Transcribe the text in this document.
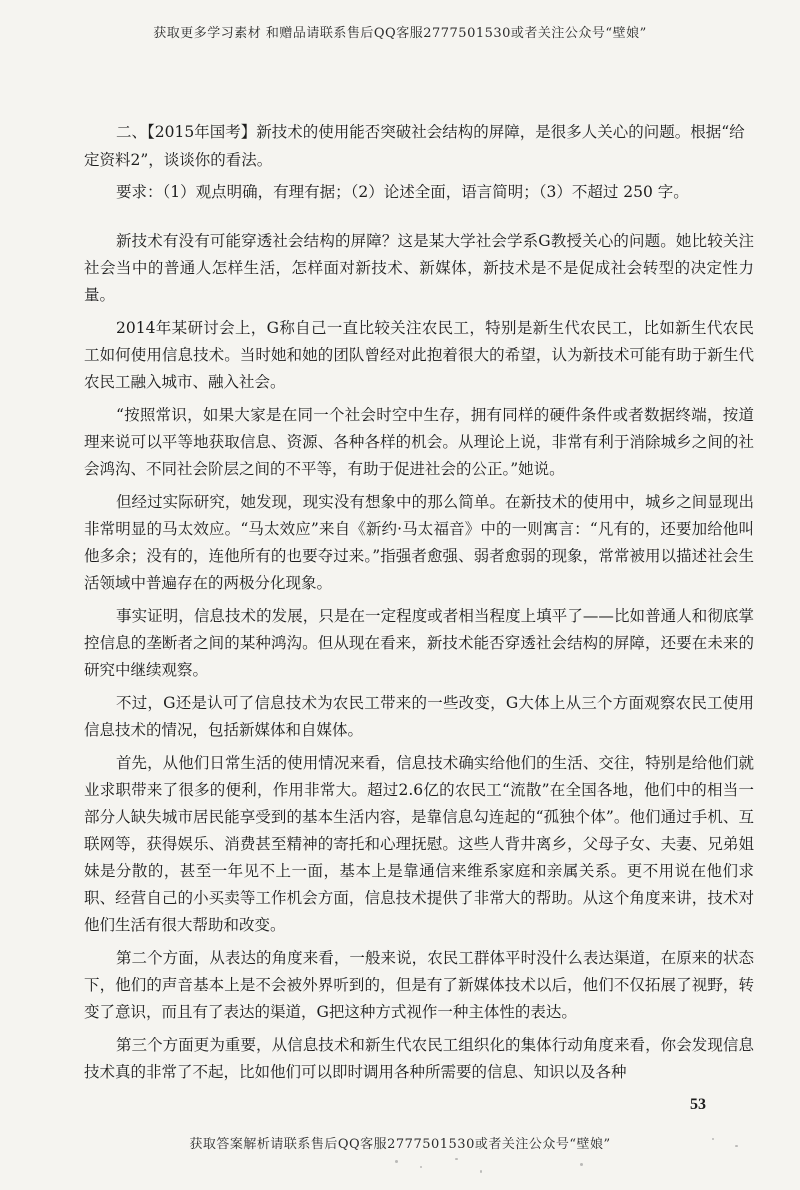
获取更多学习素材 和赠品请联系售后QQ客服2777501530或者关注公众号“壁娘”
二、【2015年国考】新技术的使用能否突破社会结构的屏障，是很多人关心的问题。根据“给定资料2”，谈谈你的看法。
要求：（1）观点明确，有理有据；（2）论述全面，语言简明；（3）不超过 250 字。

新技术有没有可能穿透社会结构的屏障？这是某大学社会学系G教授关心的问题。她比较关注社会当中的普通人怎样生活，怎样面对新技术、新媒体，新技术是不是促成社会转型的决定性力量。

2014年某研讨会上，G称自己一直比较关注农民工，特别是新生代农民工，比如新生代农民工如何使用信息技术。当时她和她的团队曾经对此抱着很大的希望，认为新技术可能有助于新生代农民工融入城市、融入社会。

“按照常识，如果大家是在同一个社会时空中生存，拥有同样的硬件条件或者数据终端，按道理来说可以平等地获取信息、资源、各种各样的机会。从理论上说，非常有利于消除城乡之间的社会鸿沟、不同社会阶层之间的不平等，有助于促进社会的公正。”她说。

但经过实际研究，她发现，现实没有想象中的那么简单。在新技术的使用中，城乡之间显现出非常明显的马太效应。“马太效应”来自《新约·马太福音》中的一则寓言：“凡有的，还要加给他叫他多余；没有的，连他所有的也要夺过来。”指强者愈强、弱者愈弱的现象，常常被用以描述社会生活领域中普遍存在的两极分化现象。

事实证明，信息技术的发展，只是在一定程度或者相当程度上填平了——比如普通人和彻底掌控信息的垄断者之间的某种鸿沟。但从现在看来，新技术能否穿透社会结构的屏障，还要在未来的研究中继续观察。

不过，G还是认可了信息技术为农民工带来的一些改变，G大体上从三个方面观察农民工使用信息技术的情况，包括新媒体和自媒体。

首先，从他们日常生活的使用情况来看，信息技术确实给他们的生活、交往，特别是给他们就业求职带来了很多的便利，作用非常大。超过2.6亿的农民工“流散”在全国各地，他们中的相当一部分人缺失城市居民能享受到的基本生活内容，是靠信息勾连起的“孤独个体”。他们通过手机、互联网等，获得娱乐、消费甚至精神的寄托和心理抚慰。这些人背井离乡，父母子女、夫妻、兄弟姐妹是分散的，甚至一年见不上一面，基本上是靠通信来维系家庭和亲属关系。更不用说在他们求职、经营自己的小买卖等工作机会方面，信息技术提供了非常大的帮助。从这个角度来讲，技术对他们生活有很大帮助和改变。

第二个方面，从表达的角度来看，一般来说，农民工群体平时没什么表达渠道，在原来的状态下，他们的声音基本上是不会被外界听到的，但是有了新媒体技术以后，他们不仅拓展了视野，转变了意识，而且有了表达的渠道，G把这种方式视作一种主体性的表达。

第三个方面更为重要，从信息技术和新生代农民工组织化的集体行动角度来看，你会发现信息技术真的非常了不起，比如他们可以即时调用各种所需要的信息、知识以及各种

53
获取答案解析请联系售后QQ客服2777501530或者关注公众号“壁娘”
